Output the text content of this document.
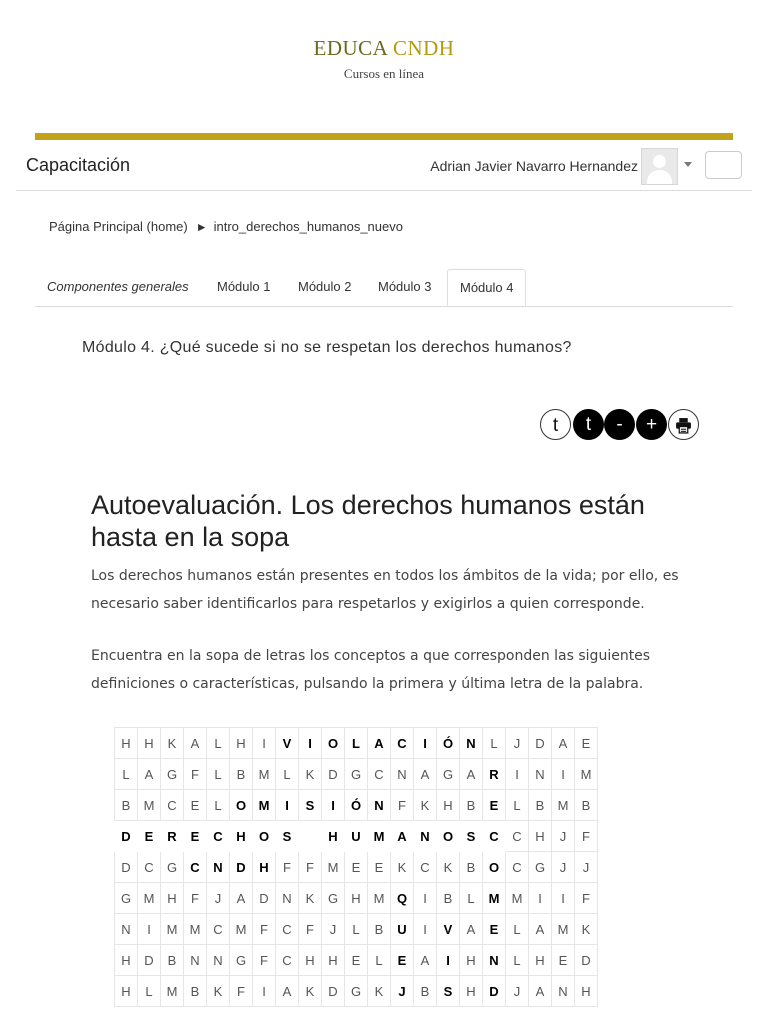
EDUCA CNDH
Cursos en línea
Capacitación	Adrian Javier Navarro Hernandez
Página Principal (home) ► intro_derechos_humanos_nuevo
Componentes generales	Módulo 1	Módulo 2	Módulo 3	Módulo 4
Módulo 4. ¿Qué sucede si no se respetan los derechos humanos?
t	t	-	+
Autoevaluación. Los derechos humanos están hasta en la sopa
Los derechos humanos están presentes en todos los ámbitos de la vida; por ello, es necesario saber identificarlos para respetarlos y exigirlos a quien corresponde.
Encuentra en la sopa de letras los conceptos a que corresponden las siguientes definiciones o características, pulsando la primera y última letra de la palabra.
H	H	K	A	L	H	I	V	I	O	L	A	C	I	Ó	N	L	J	D	A	E
L	A	G	F	L	B	M	L	K	D	G	C	N	A	G	A	R	I	N	I	M
B	M	C	E	L	O	M	I	S	I	Ó	N	F	K	H	B	E	L	B	M	B
D	E	R	E	C	H	O	S		H	U	M	A	N	O	S	C	C	H	J	F
D	C	G	C	N	D	H	F	F	M	E	E	K	C	K	B	O	C	G	J	J
G	M	H	F	J	A	D	N	K	G	H	M	Q	I	B	L	M	M	I	I	F
N	I	M	M	C	M	F	C	F	J	L	B	U	I	V	A	E	L	A	M	K
H	D	B	N	N	G	F	C	H	H	E	L	E	A	I	H	N	L	H	E	D
H	L	M	B	K	F	I	A	K	D	G	K	J	B	S	H	D	J	A	N	H
